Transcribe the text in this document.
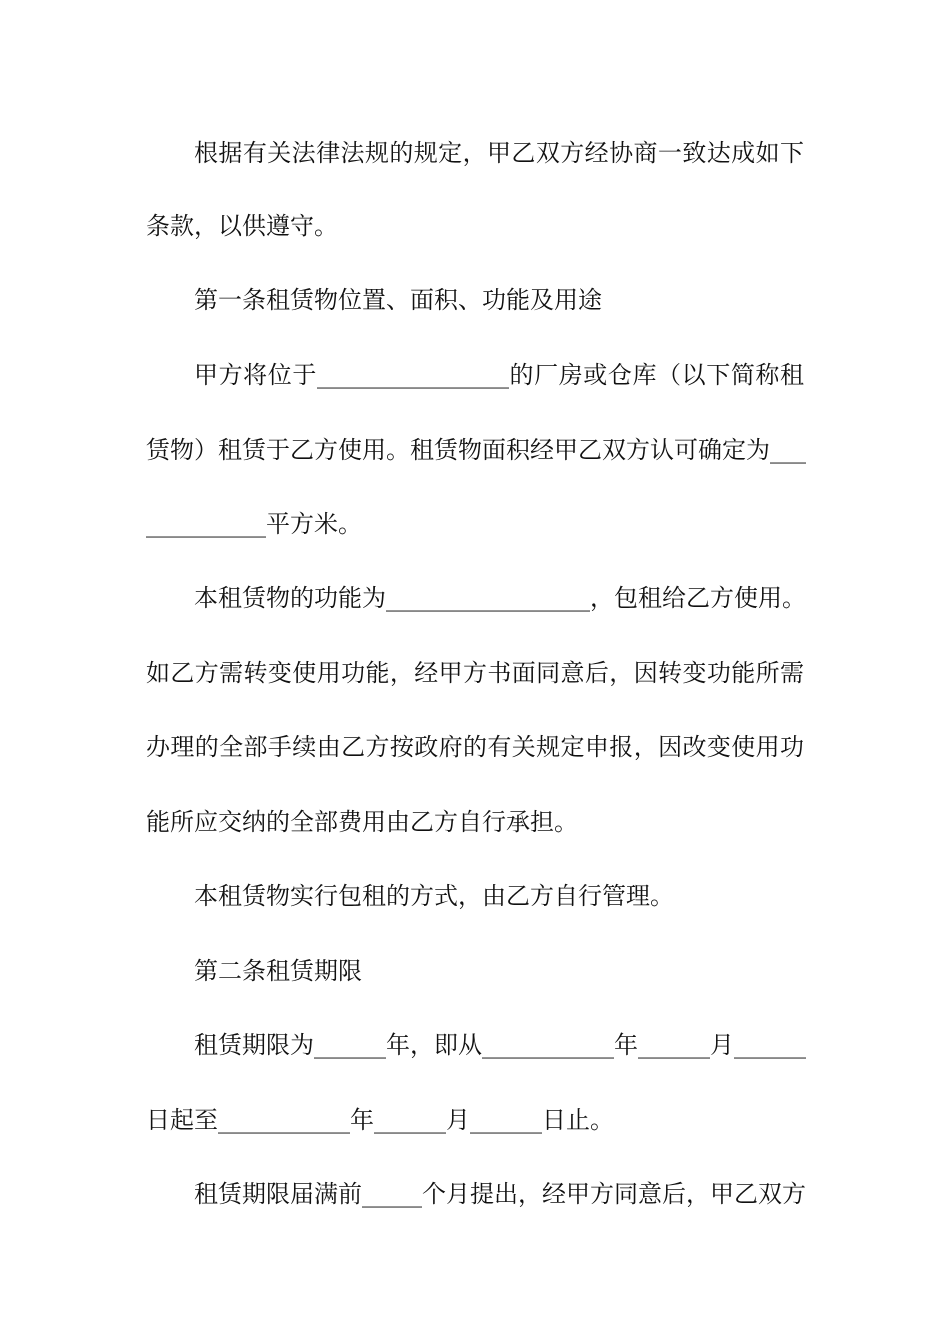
根据有关法律法规的规定，甲乙双方经协商一致达成如下
条款，以供遵守。
第一条租赁物位置、面积、功能及用途
甲方将位于________________的厂房或仓库（以下简称租
赁物）租赁于乙方使用。租赁物面积经甲乙双方认可确定为___
__________平方米。
本租赁物的功能为_________________，包租给乙方使用。
如乙方需转变使用功能，经甲方书面同意后，因转变功能所需
办理的全部手续由乙方按政府的有关规定申报，因改变使用功
能所应交纳的全部费用由乙方自行承担。
本租赁物实行包租的方式，由乙方自行管理。
第二条租赁期限
租赁期限为______年，即从___________年______月______
日起至___________年______月______日止。
租赁期限届满前_____个月提出，经甲方同意后，甲乙双方
